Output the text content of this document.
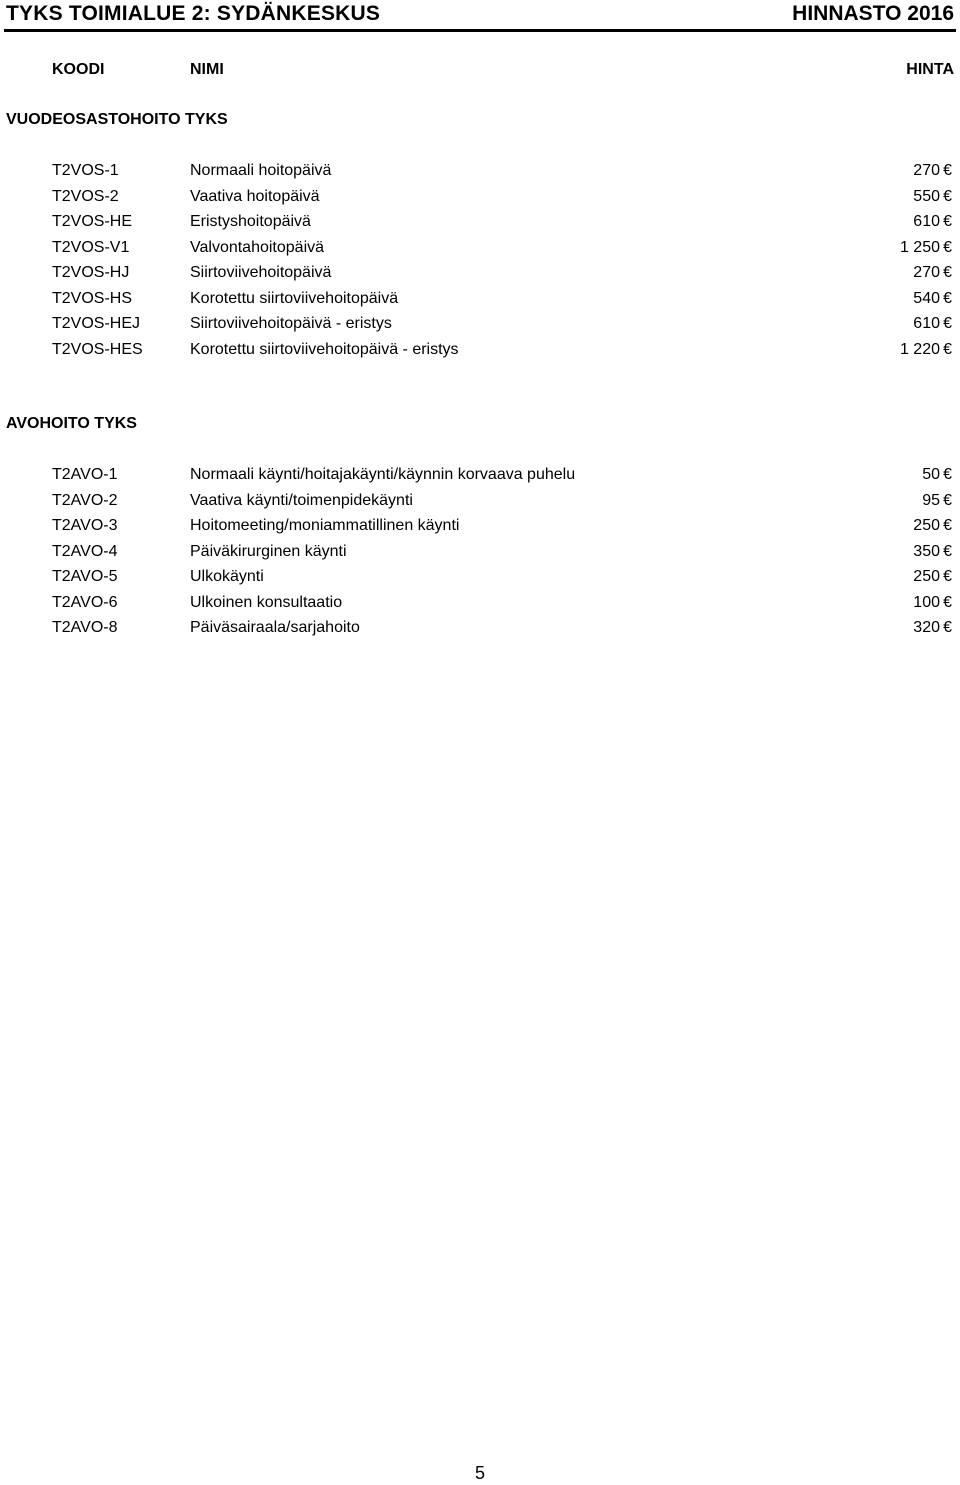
TYKS TOIMIALUE 2: SYDÄNKESKUS	HINNASTO 2016
KOODI	NIMI	HINTA
VUODEOSASTOHOITO TYKS
T2VOS-1	Normaali hoitopäivä	270 €
T2VOS-2	Vaativa hoitopäivä	550 €
T2VOS-HE	Eristyshoitopäivä	610 €
T2VOS-V1	Valvontahoitopäivä	1 250 €
T2VOS-HJ	Siirtoviivehoitopäivä	270 €
T2VOS-HS	Korotettu siirtoviivehoitopäivä	540 €
T2VOS-HEJ	Siirtoviivehoitopäivä - eristys	610 €
T2VOS-HES	Korotettu siirtoviivehoitopäivä - eristys	1 220 €
AVOHOITO TYKS
T2AVO-1	Normaali käynti/hoitajakäynti/käynnin korvaava puhelu	50 €
T2AVO-2	Vaativa käynti/toimenpidekäynti	95 €
T2AVO-3	Hoitomeeting/moniammatillinen käynti	250 €
T2AVO-4	Päiväkirurginen käynti	350 €
T2AVO-5	Ulkokäynti	250 €
T2AVO-6	Ulkoinen konsultaatio	100 €
T2AVO-8	Päiväsairaala/sarjahoito	320 €
5
